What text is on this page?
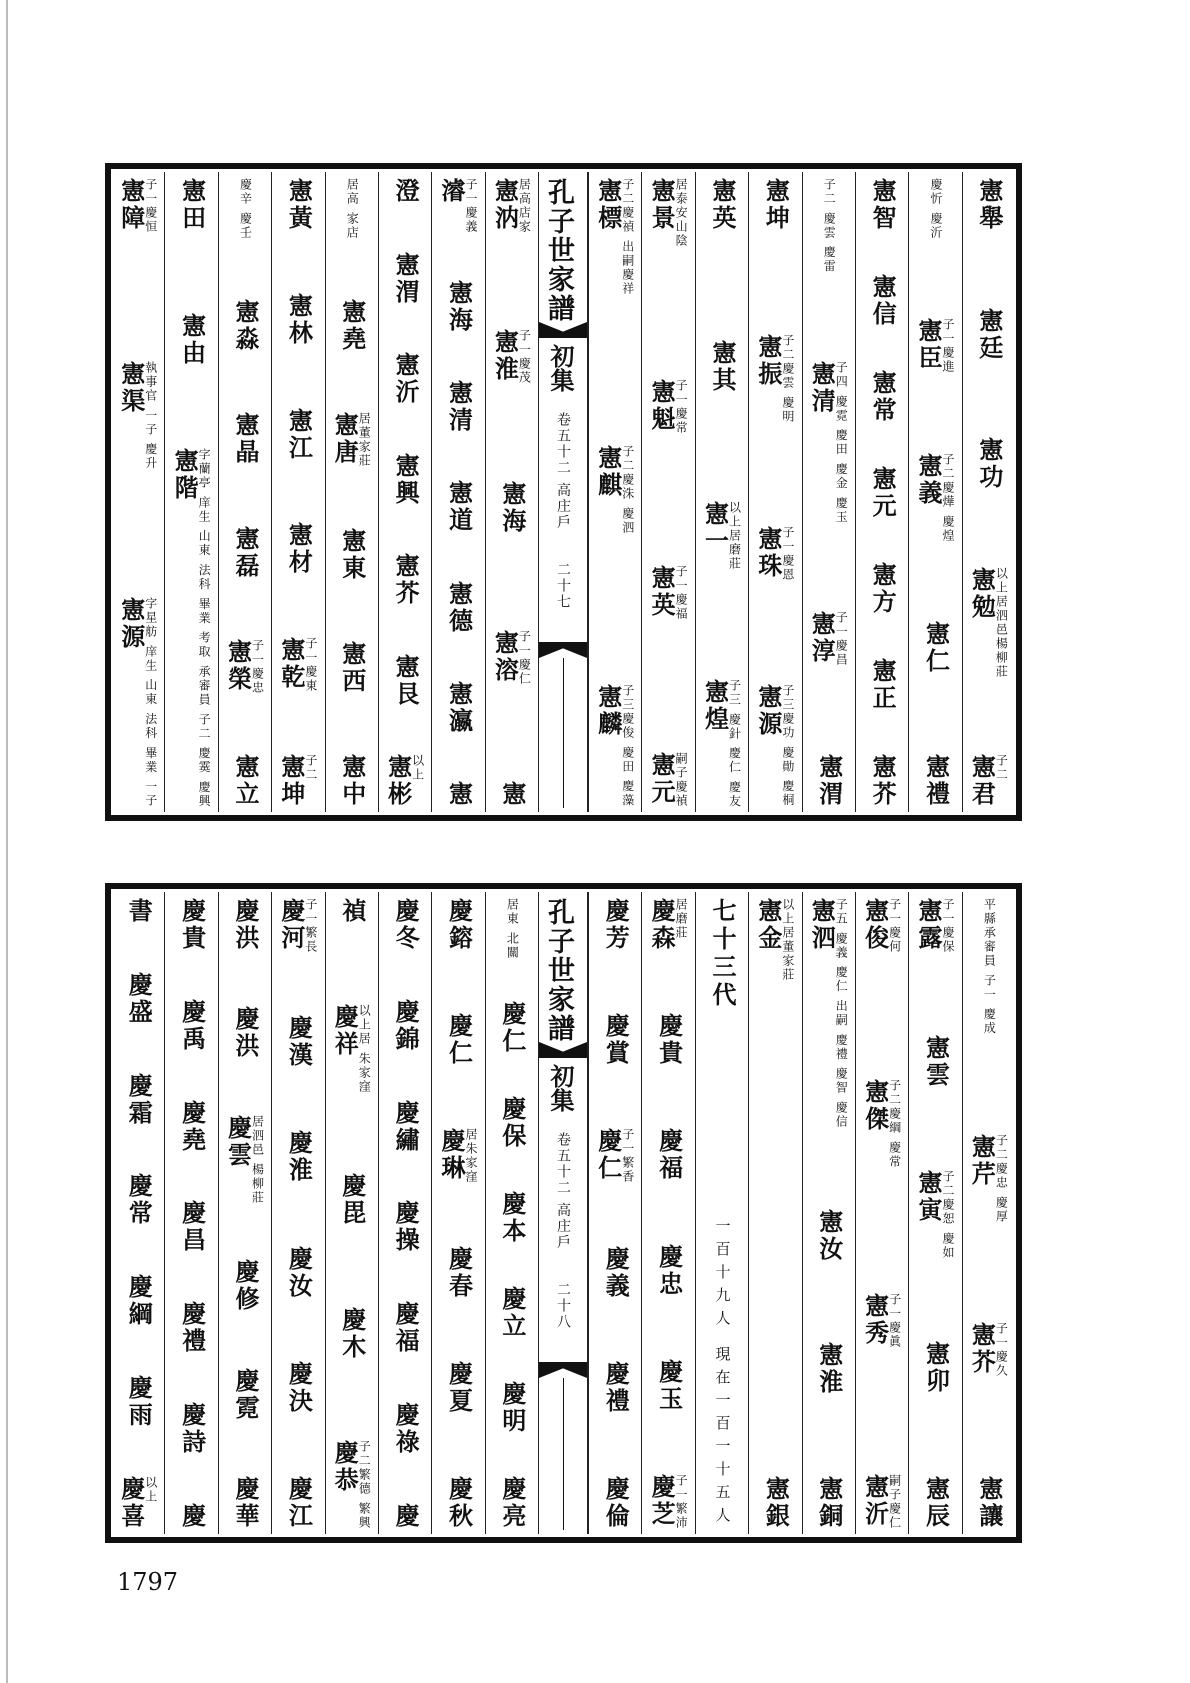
憲舉
憲廷
憲功
憲勉
以上居泗邑楊柳莊
憲君
子二
慶忻 慶沂
憲臣
子一慶進
憲義
子二慶燁 慶煌
憲仁
憲禮
憲智
憲信
憲常
憲元
憲方
憲正
憲芥
子二 慶雲 慶雷
憲清
子四 慶霓 慶田 慶金 慶玉
憲淳
子一慶昌
憲渭
憲坤
憲振
子二慶雲 慶明
憲珠
子一慶恩
憲源
子三慶功 慶勛 慶桐
憲英
憲其
憲一
以上居磨莊
憲煌
子三 慶針 慶仁 慶友
憲景
居泰安山陰
憲魁
子一慶常
憲英
子一慶福
憲元
嗣子慶禎
憲標
子二慶禎 出嗣慶祥
憲麒
子二慶洙 慶泗
憲麟
子三慶俊 慶田 慶藻
孔子世家譜
初集
卷五十二 高庄戶
二十七
憲汭
居高店家
憲淮
子一慶茂
憲海
憲溶
子一慶仁
憲
濬
子一慶義
憲海
憲清
憲道
憲德
憲瀛
憲
澄
憲渭
憲沂
憲興
憲芥
憲艮
憲彬
以上
居高 家店
憲堯
憲唐
居董家莊
憲東
憲西
憲中
憲黃
憲林
憲江
憲材
憲乾
子一慶東
憲坤
子二
慶辛 慶壬
憲淼
憲晶
憲磊
憲榮
子一慶忠
憲立
憲田
憲由
憲階
字蘭亭 庠生 山東 法科 畢業 考取 承審員 子二 慶霙 慶興
憲障
子一慶恒
憲渠
執事官 一子 慶升
憲源
字星舫 庠生 山東 法科 畢業 一子
平縣承審員 子一 慶成
憲芹
子二慶忠 慶厚
憲芥
子一慶久
憲讓
憲露
子一慶保
憲雲
憲寅
子二慶恕 慶如
憲卯
憲辰
憲俊
子一慶何
憲傑
子二慶綱 慶常
憲秀
子一慶眞
憲沂
嗣子慶仁
憲泗
子五 慶義 慶仁 出嗣 慶禮 慶智 慶信
憲汝
憲淮
憲銅
憲金
以上居董家莊
憲銀
七十三代
一百十九人 現在一百一十五人
慶森
居磨莊
慶貴
慶福
慶忠
慶玉
慶芝
子一繁沛
慶芳
慶賞
慶仁
子一繁香
慶義
慶禮
慶倫
孔子世家譜
初集
卷五十二 高庄戶
二十八
居東 北關
慶仁
慶保
慶本
慶立
慶明
慶亮
慶鎔
慶仁
慶琳
居朱家窪
慶春
慶夏
慶秋
慶冬
慶錦
慶繡
慶操
慶福
慶祿
慶
禎
慶祥
以上居 朱家窪
慶毘
慶木
慶恭
子二繁德 繁興
慶河
子一繁長
慶漢
慶淮
慶汝
慶決
慶江
慶洪
慶洪
慶雲
居泗邑 楊柳莊
慶修
慶霓
慶華
慶貴
慶禹
慶堯
慶昌
慶禮
慶詩
慶
書
慶盛
慶霜
慶常
慶綱
慶雨
慶喜
以上
1797
